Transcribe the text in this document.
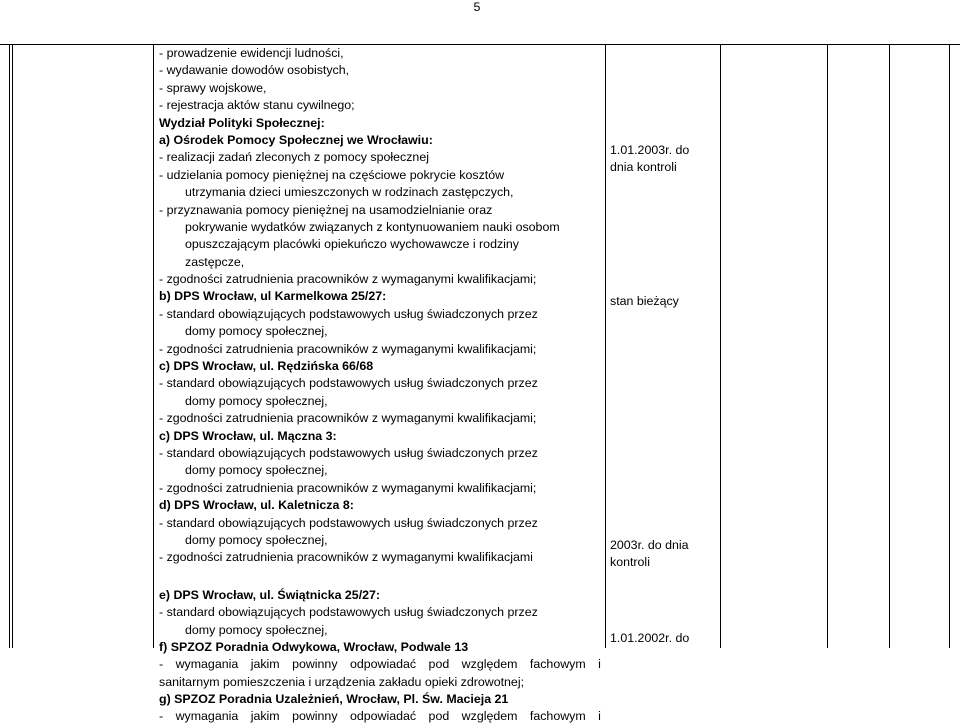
5
- prowadzenie ewidencji ludności,
- wydawanie dowodów osobistych,
- sprawy wojskowe,
- rejestracja aktów stanu cywilnego;
Wydział Polityki Społecznej:
a) Ośrodek Pomocy Społecznej we Wrocławiu:
- realizacji zadań zleconych z pomocy społecznej
- udzielania pomocy pieniężnej na częściowe pokrycie kosztów
utrzymania dzieci umieszczonych w rodzinach zastępczych,
- przyznawania pomocy pieniężnej na usamodzielnianie oraz
pokrywanie wydatków związanych z kontynuowaniem nauki osobom
opuszczającym placówki opiekuńczo wychowawcze i rodziny
zastępcze,
- zgodności zatrudnienia pracowników z wymaganymi kwalifikacjami;
b) DPS Wrocław, ul Karmelkowa 25/27:
- standard obowiązujących podstawowych usług świadczonych przez
domy pomocy społecznej,
- zgodności zatrudnienia pracowników z wymaganymi kwalifikacjami;
c) DPS Wrocław, ul. Rędzińska 66/68
- standard obowiązujących podstawowych usług świadczonych przez
domy pomocy społecznej,
- zgodności zatrudnienia pracowników z wymaganymi kwalifikacjami;
c) DPS Wrocław, ul. Mączna 3:
- standard obowiązujących podstawowych usług świadczonych przez
domy pomocy społecznej,
- zgodności zatrudnienia pracowników z wymaganymi kwalifikacjami;
d) DPS Wrocław, ul. Kaletnicza 8:
- standard obowiązujących podstawowych usług świadczonych przez
domy pomocy społecznej,
- zgodności zatrudnienia pracowników z wymaganymi kwalifikacjami
e) DPS Wrocław, ul. Świątnicka 25/27:
- standard obowiązujących podstawowych usług świadczonych przez
domy pomocy społecznej,
f) SPZOZ Poradnia Odwykowa, Wrocław, Podwale 13
- wymagania jakim powinny odpowiadać pod względem fachowym i
sanitarnym pomieszczenia i urządzenia zakładu opieki zdrowotnej;
g) SPZOZ Poradnia Uzależnień, Wrocław, Pl. Św. Macieja 21
- wymagania jakim powinny odpowiadać pod względem fachowym i
1.01.2003r. do
dnia kontroli
stan bieżący
2003r. do dnia
kontroli
1.01.2002r. do
